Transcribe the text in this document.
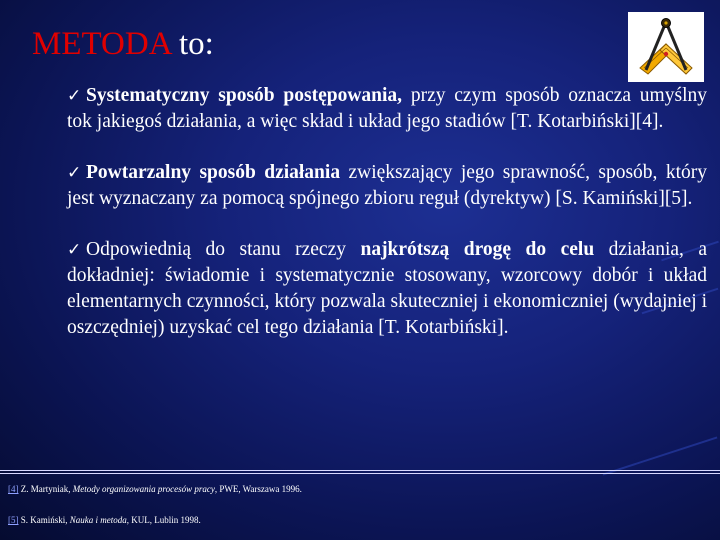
METODA to:

✓ Systematyczny sposób postępowania, przy czym sposób oznacza umyślny tok jakiegoś działania, a więc skład i układ jego stadiów [T. Kotarbiński][4].

✓ Powtarzalny sposób działania zwiększający jego sprawność, sposób, który jest wyznaczany za pomocą spójnego zbioru reguł (dyrektyw) [S. Kamiński][5].

✓ Odpowiednią do stanu rzeczy najkrótszą drogę do celu działania, a dokładniej: świadomie i systematycznie stosowany, wzorcowy dobór i układ elementarnych czynności, który pozwala skuteczniej i ekonomiczniej (wydajniej i oszczędniej) uzyskać cel tego działania [T. Kotarbiński].

[4] Z. Martyniak, Metody organizowania procesów pracy, PWE, Warszawa 1996.
[5] S. Kamiński, Nauka i metoda, KUL, Lublin 1998.
